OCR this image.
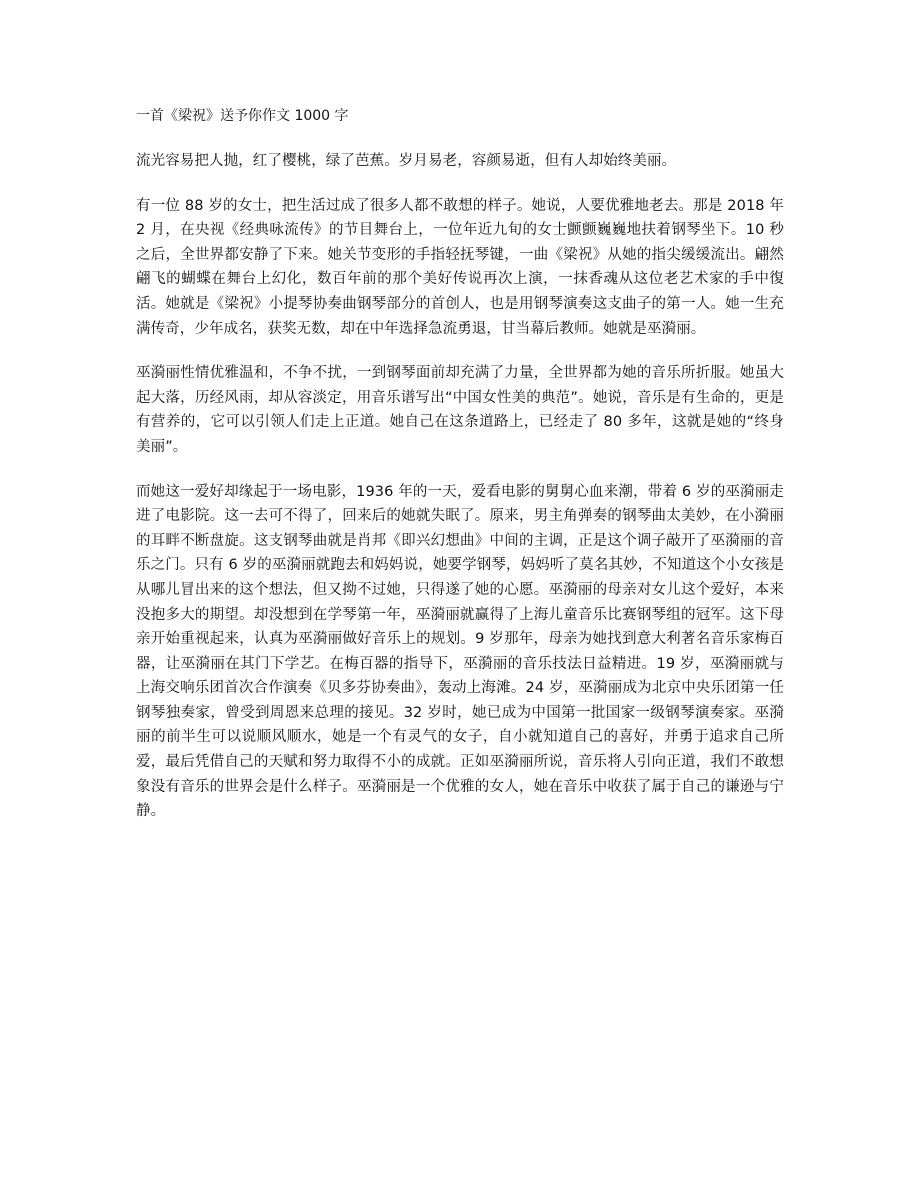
一首《梁祝》送予你作文 1000 字

流光容易把人抛，红了樱桃，绿了芭蕉。岁月易老，容颜易逝，但有人却始终美丽。

有一位 88 岁的女士，把生活过成了很多人都不敢想的样子。她说，人要优雅地老去。那是 2018 年 2 月，在央视《经典咏流传》的节目舞台上，一位年近九旬的女士颤颤巍巍地扶着钢琴坐下。10 秒之后，全世界都安静了下来。她关节变形的手指轻抚琴键，一曲《梁祝》从她的指尖缓缓流出。翩然翩飞的蝴蝶在舞台上幻化，数百年前的那个美好传说再次上演，一抹香魂从这位老艺术家的手中復活。她就是《梁祝》小提琴协奏曲钢琴部分的首创人，也是用钢琴演奏这支曲子的第一人。她一生充满传奇，少年成名，获奖无数，却在中年选择急流勇退，甘当幕后教师。她就是巫漪丽。

巫漪丽性情优雅温和，不争不扰，一到钢琴面前却充满了力量，全世界都为她的音乐所折服。她虽大起大落，历经风雨，却从容淡定，用音乐谱写出“中国女性美的典范”。她说，音乐是有生命的，更是有营养的，它可以引领人们走上正道。她自己在这条道路上，已经走了 80 多年，这就是她的“终身美丽”。

而她这一爱好却缘起于一场电影，1936 年的一天，爱看电影的舅舅心血来潮，带着 6 岁的巫漪丽走进了电影院。这一去可不得了，回来后的她就失眠了。原来，男主角弹奏的钢琴曲太美妙，在小漪丽的耳畔不断盘旋。这支钢琴曲就是肖邦《即兴幻想曲》中间的主调，正是这个调子敲开了巫漪丽的音乐之门。只有 6 岁的巫漪丽就跑去和妈妈说，她要学钢琴，妈妈听了莫名其妙，不知道这个小女孩是从哪儿冒出来的这个想法，但又拗不过她，只得遂了她的心愿。巫漪丽的母亲对女儿这个爱好，本来没抱多大的期望。却没想到在学琴第一年，巫漪丽就赢得了上海儿童音乐比赛钢琴组的冠军。这下母亲开始重视起来，认真为巫漪丽做好音乐上的规划。9 岁那年，母亲为她找到意大利著名音乐家梅百器，让巫漪丽在其门下学艺。在梅百器的指导下，巫漪丽的音乐技法日益精进。19 岁，巫漪丽就与上海交响乐团首次合作演奏《贝多芬协奏曲》，轰动上海滩。24 岁，巫漪丽成为北京中央乐团第一任钢琴独奏家，曾受到周恩来总理的接见。32 岁时，她已成为中国第一批国家一级钢琴演奏家。巫漪丽的前半生可以说顺风顺水，她是一个有灵气的女子，自小就知道自己的喜好，并勇于追求自己所爱，最后凭借自己的天赋和努力取得不小的成就。正如巫漪丽所说，音乐将人引向正道，我们不敢想象没有音乐的世界会是什么样子。巫漪丽是一个优雅的女人，她在音乐中收获了属于自己的谦逊与宁静。
